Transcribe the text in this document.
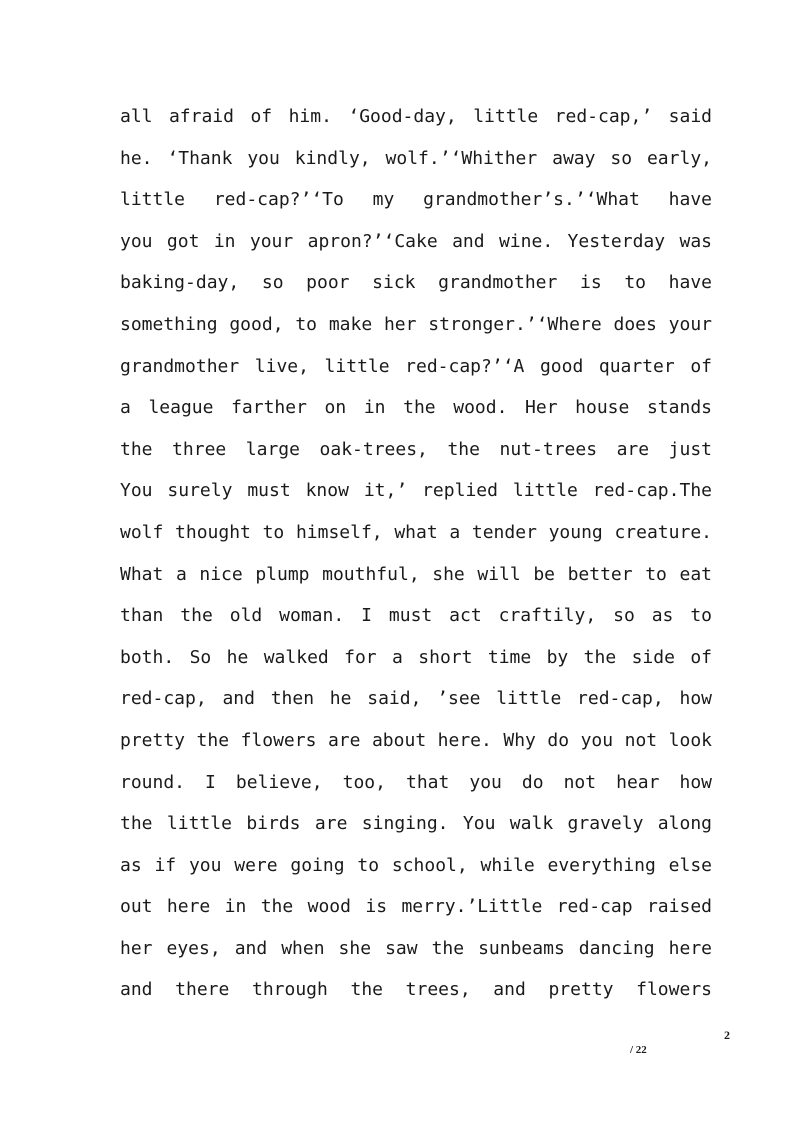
all afraid of him. ‘Good-day, little red-cap,’ said
he. ‘Thank you kindly, wolf.’‘Whither away so early,
little red-cap?’‘To my grandmother’s.’‘What have
you got in your apron?’‘Cake and wine. Yesterday was
baking-day, so poor sick grandmother is to have
something good, to make her stronger.’‘Where does your
grandmother live, little red-cap?’‘A good quarter of
a league farther on in the wood. Her house stands
the three large oak-trees, the nut-trees are just
You surely must know it,’ replied little red-cap.The
wolf thought to himself, what a tender young creature.
What a nice plump mouthful, she will be better to eat
than the old woman. I must act craftily, so as to
both. So he walked for a short time by the side of
red-cap, and then he said, ’see little red-cap, how
pretty the flowers are about here. Why do you not look
round. I believe, too, that you do not hear how
the little birds are singing. You walk gravely along
as if you were going to school, while everything else
out here in the wood is merry.’Little red-cap raised
her eyes, and when she saw the sunbeams dancing here
and there through the trees, and pretty flowers
2
/ 22
